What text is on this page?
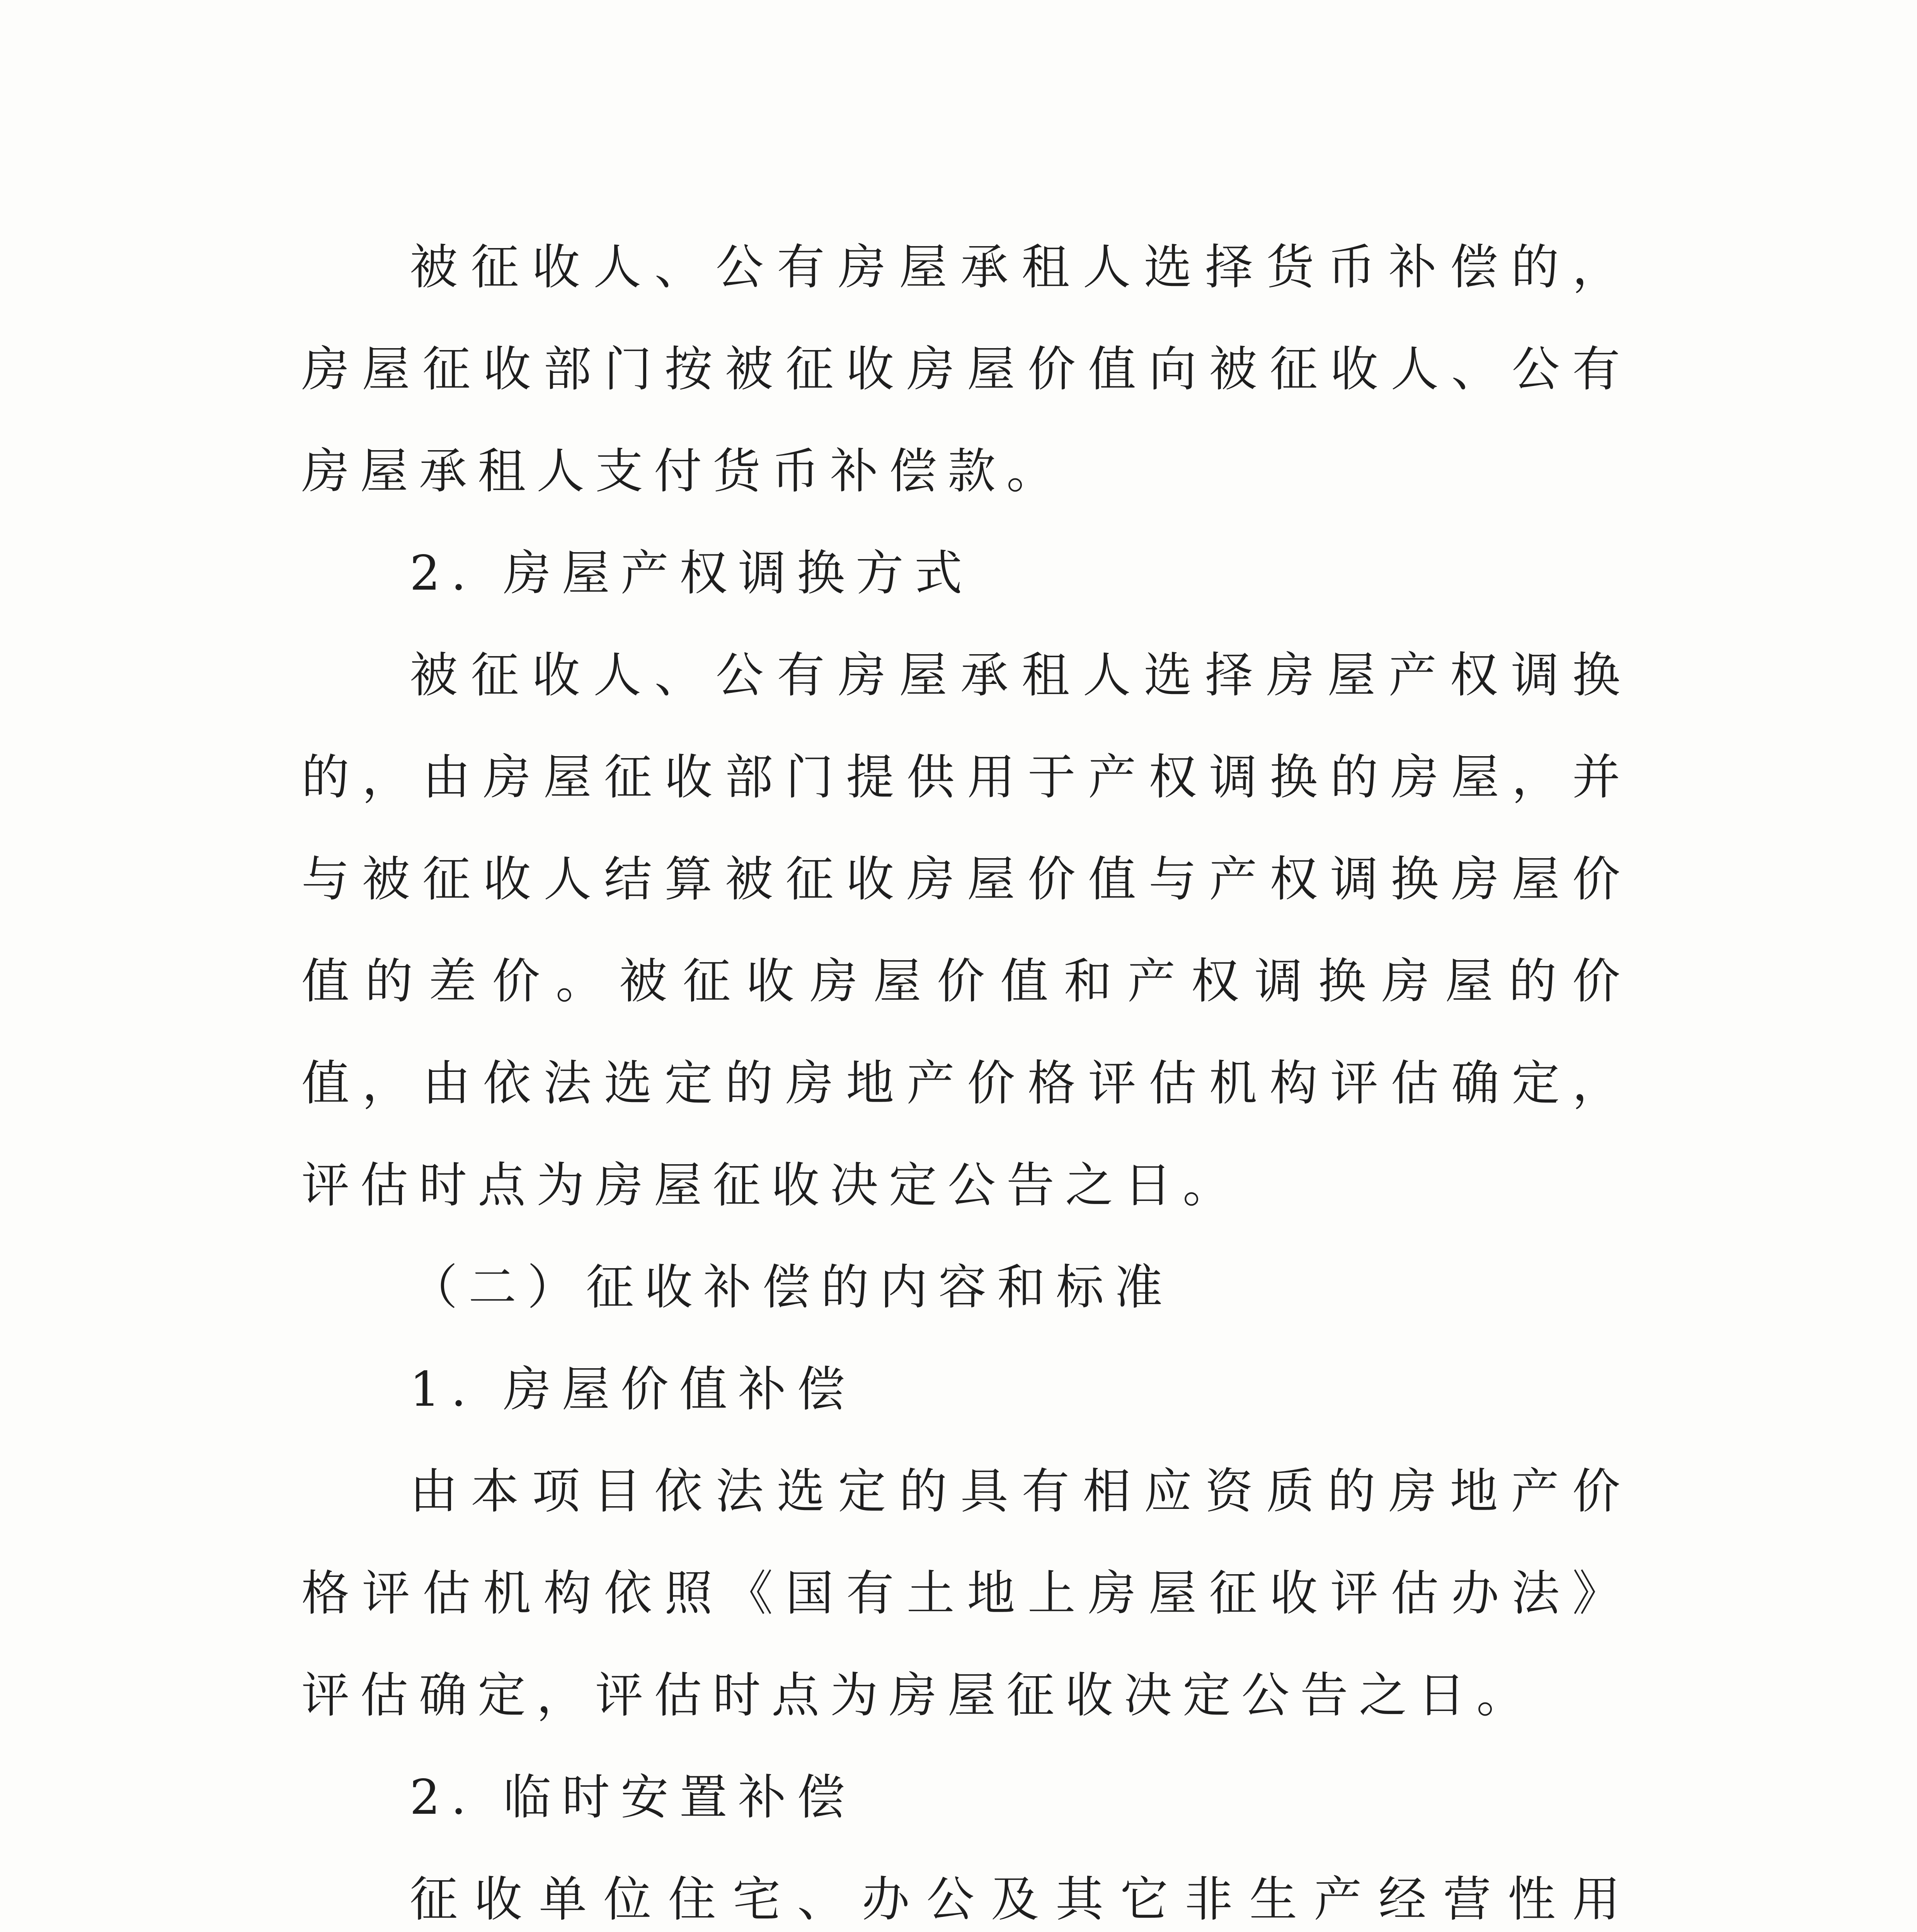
被征收人、公有房屋承租人选择货币补偿的，房屋征收部门按被征收房屋价值向被征收人、公有房屋承租人支付货币补偿款。

2. 房屋产权调换方式

被征收人、公有房屋承租人选择房屋产权调换的，由房屋征收部门提供用于产权调换的房屋，并与被征收人结算被征收房屋价值与产权调换房屋价值的差价。被征收房屋价值和产权调换房屋的价值，由依法选定的房地产价格评估机构评估确定，评估时点为房屋征收决定公告之日。

（二）征收补偿的内容和标准

1. 房屋价值补偿

由本项目依法选定的具有相应资质的房地产价格评估机构依照《国有土地上房屋征收评估办法》评估确定，评估时点为房屋征收决定公告之日。

2. 临时安置补偿

征收单位住宅、办公及其它非生产经营性用
